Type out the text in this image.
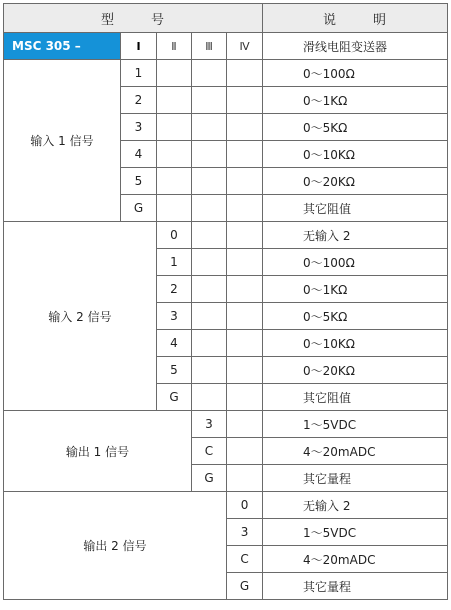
型 号					说 明
MSC 305 –	Ⅰ	Ⅱ	Ⅲ	Ⅳ	滑线电阻变送器
输入 1 信号	1				0～100Ω
	2				0～1KΩ
	3				0～5KΩ
	4				0～10KΩ
	5				0～20KΩ
	G				其它阻值
输入 2 信号		0			无输入 2
		1			0～100Ω
		2			0～1KΩ
		3			0～5KΩ
		4			0～10KΩ
		5			0～20KΩ
		G			其它阻值
输出 1 信号			3		1～5VDC
			C		4～20mADC
			G		其它量程
输出 2 信号				0	无输入 2
				3	1～5VDC
				C	4～20mADC
				G	其它量程
